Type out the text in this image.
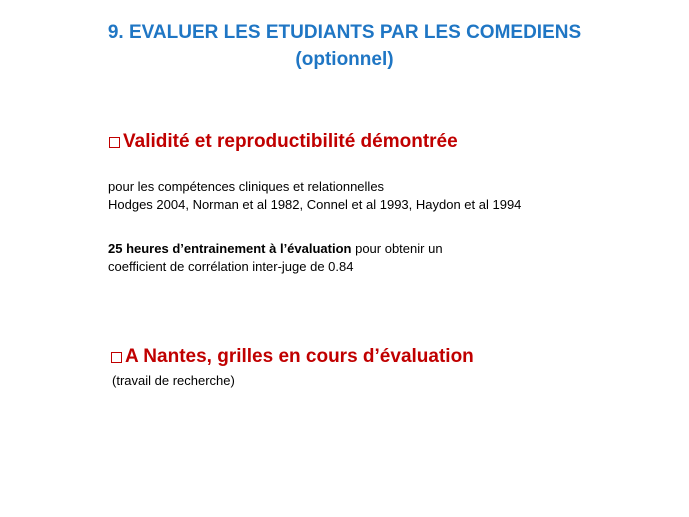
9. EVALUER LES ETUDIANTS PAR LES COMEDIENS
(optionnel)
Validité et reproductibilité démontrée
pour les compétences cliniques et relationnelles
Hodges 2004, Norman et al 1982, Connel et al 1993, Haydon et al 1994
25 heures d’entrainement à l’évaluation pour obtenir un
coefficient de corrélation inter-juge de 0.84
A Nantes, grilles en cours d’évaluation
(travail de recherche)
